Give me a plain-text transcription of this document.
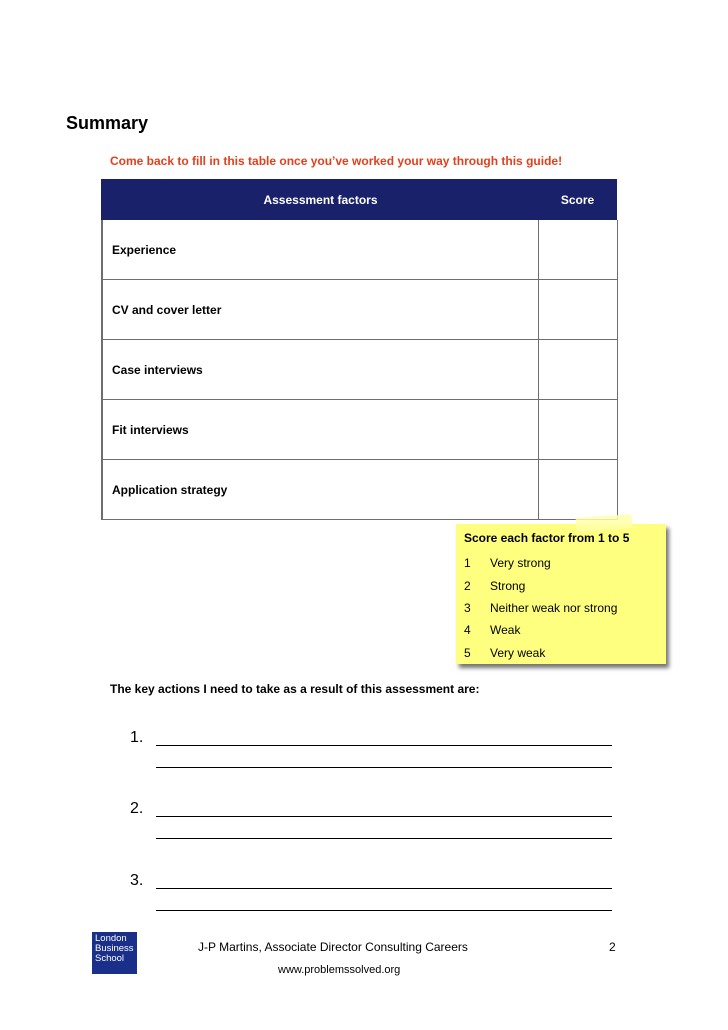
Summary
Come back to fill in this table once you’ve worked your way through this guide!
Assessment factors	Score
Experience	
CV and cover letter	
Case interviews	
Fit interviews	
Application strategy	
Score each factor from 1 to 5
1 Very strong
2 Strong
3 Neither weak nor strong
4 Weak
5 Very weak
The key actions I need to take as a result of this assessment are:
1.
2.
3.
London
Business
School
J-P Martins, Associate Director Consulting Careers	2
www.problemssolved.org
